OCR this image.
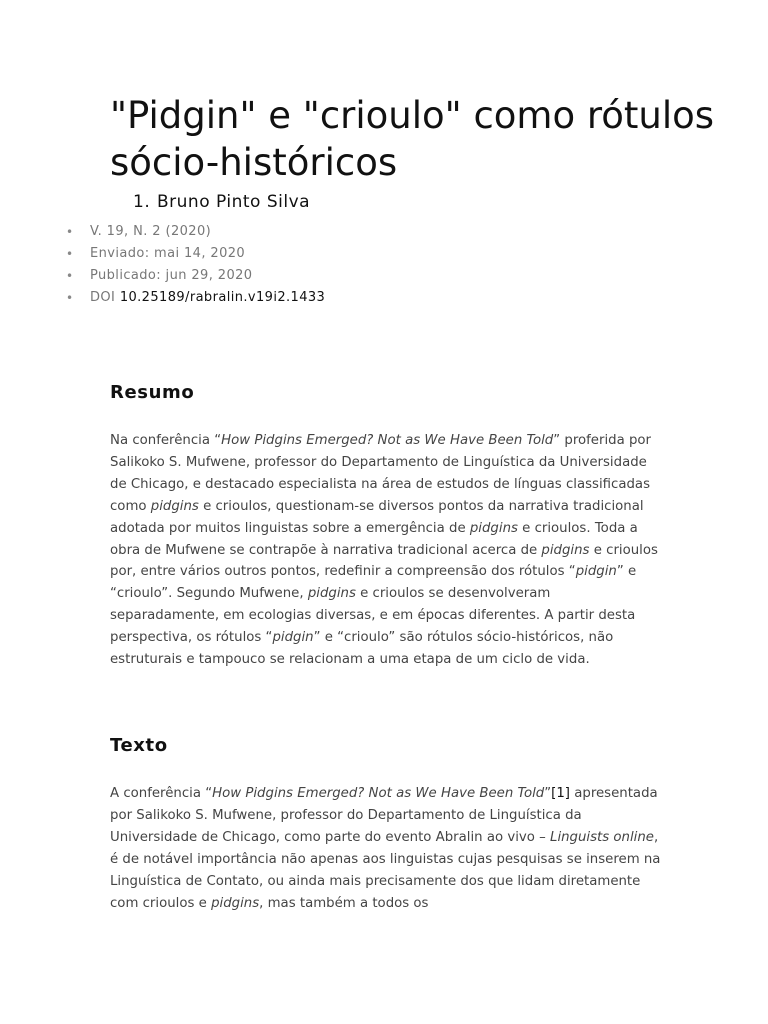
"Pidgin" e "crioulo" como rótulos sócio-históricos
1. Bruno Pinto Silva
• V. 19, N. 2 (2020)
• Enviado: mai 14, 2020
• Publicado: jun 29, 2020
• DOI 10.25189/rabralin.v19i2.1433
Resumo

Na conferência “How Pidgins Emerged? Not as We Have Been Told” proferida por Salikoko S. Mufwene, professor do Departamento de Linguística da Universidade de Chicago, e destacado especialista na área de estudos de línguas classificadas como pidgins e crioulos, questionam-se diversos pontos da narrativa tradicional adotada por muitos linguistas sobre a emergência de pidgins e crioulos. Toda a obra de Mufwene se contrapõe à narrativa tradicional acerca de pidgins e crioulos por, entre vários outros pontos, redefinir a compreensão dos rótulos “pidgin” e “crioulo”. Segundo Mufwene, pidgins e crioulos se desenvolveram separadamente, em ecologias diversas, e em épocas diferentes. A partir desta perspectiva, os rótulos “pidgin” e “crioulo” são rótulos sócio-históricos, não estruturais e tampouco se relacionam a uma etapa de um ciclo de vida.

Texto

A conferência “How Pidgins Emerged? Not as We Have Been Told”[1] apresentada por Salikoko S. Mufwene, professor do Departamento de Linguística da Universidade de Chicago, como parte do evento Abralin ao vivo – Linguists online, é de notável importância não apenas aos linguistas cujas pesquisas se inserem na Linguística de Contato, ou ainda mais precisamente dos que lidam diretamente com crioulos e pidgins, mas também a todos os
